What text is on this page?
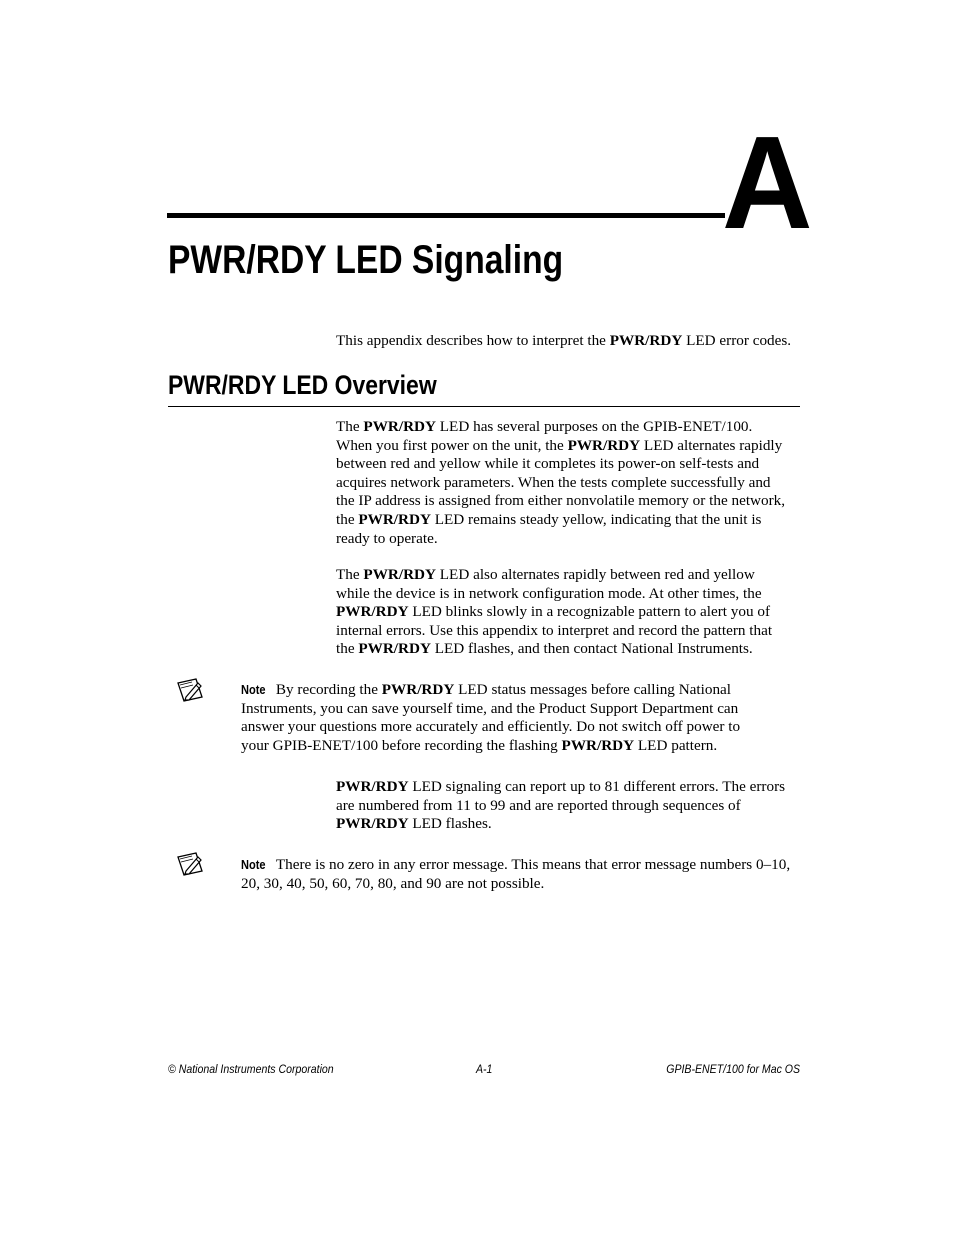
A
PWR/RDY LED Signaling
This appendix describes how to interpret the PWR/RDY LED error codes.
PWR/RDY LED Overview
The PWR/RDY LED has several purposes on the GPIB-ENET/100.
When you first power on the unit, the PWR/RDY LED alternates rapidly
between red and yellow while it completes its power-on self-tests and
acquires network parameters. When the tests complete successfully and
the IP address is assigned from either nonvolatile memory or the network,
the PWR/RDY LED remains steady yellow, indicating that the unit is
ready to operate.
The PWR/RDY LED also alternates rapidly between red and yellow
while the device is in network configuration mode. At other times, the
PWR/RDY LED blinks slowly in a recognizable pattern to alert you of
internal errors. Use this appendix to interpret and record the pattern that
the PWR/RDY LED flashes, and then contact National Instruments.
Note By recording the PWR/RDY LED status messages before calling National
Instruments, you can save yourself time, and the Product Support Department can
answer your questions more accurately and efficiently. Do not switch off power to
your GPIB-ENET/100 before recording the flashing PWR/RDY LED pattern.
PWR/RDY LED signaling can report up to 81 different errors. The errors
are numbered from 11 to 99 and are reported through sequences of
PWR/RDY LED flashes.
Note There is no zero in any error message. This means that error message numbers 0–10,
20, 30, 40, 50, 60, 70, 80, and 90 are not possible.
© National Instruments Corporation	A-1	GPIB-ENET/100 for Mac OS
